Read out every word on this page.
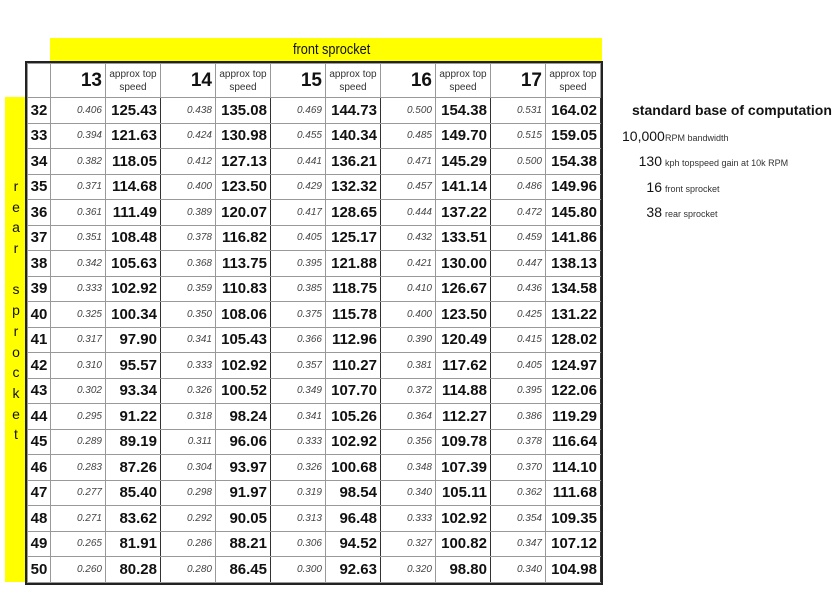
front sprocket
r
e
a
r
s
p
r
o
c
k
e
t
	13	approx top speed	14	approx top speed	15	approx top speed	16	approx top speed	17	approx top speed
32	0.406	125.43	0.438	135.08	0.469	144.73	0.500	154.38	0.531	164.02
33	0.394	121.63	0.424	130.98	0.455	140.34	0.485	149.70	0.515	159.05
34	0.382	118.05	0.412	127.13	0.441	136.21	0.471	145.29	0.500	154.38
35	0.371	114.68	0.400	123.50	0.429	132.32	0.457	141.14	0.486	149.96
36	0.361	111.49	0.389	120.07	0.417	128.65	0.444	137.22	0.472	145.80
37	0.351	108.48	0.378	116.82	0.405	125.17	0.432	133.51	0.459	141.86
38	0.342	105.63	0.368	113.75	0.395	121.88	0.421	130.00	0.447	138.13
39	0.333	102.92	0.359	110.83	0.385	118.75	0.410	126.67	0.436	134.58
40	0.325	100.34	0.350	108.06	0.375	115.78	0.400	123.50	0.425	131.22
41	0.317	97.90	0.341	105.43	0.366	112.96	0.390	120.49	0.415	128.02
42	0.310	95.57	0.333	102.92	0.357	110.27	0.381	117.62	0.405	124.97
43	0.302	93.34	0.326	100.52	0.349	107.70	0.372	114.88	0.395	122.06
44	0.295	91.22	0.318	98.24	0.341	105.26	0.364	112.27	0.386	119.29
45	0.289	89.19	0.311	96.06	0.333	102.92	0.356	109.78	0.378	116.64
46	0.283	87.26	0.304	93.97	0.326	100.68	0.348	107.39	0.370	114.10
47	0.277	85.40	0.298	91.97	0.319	98.54	0.340	105.11	0.362	111.68
48	0.271	83.62	0.292	90.05	0.313	96.48	0.333	102.92	0.354	109.35
49	0.265	81.91	0.286	88.21	0.306	94.52	0.327	100.82	0.347	107.12
50	0.260	80.28	0.280	86.45	0.300	92.63	0.320	98.80	0.340	104.98
standard base of computation
10,000RPM bandwidth
130 kph topspeed gain at 10k RPM
16 front sprocket
38 rear sprocket
